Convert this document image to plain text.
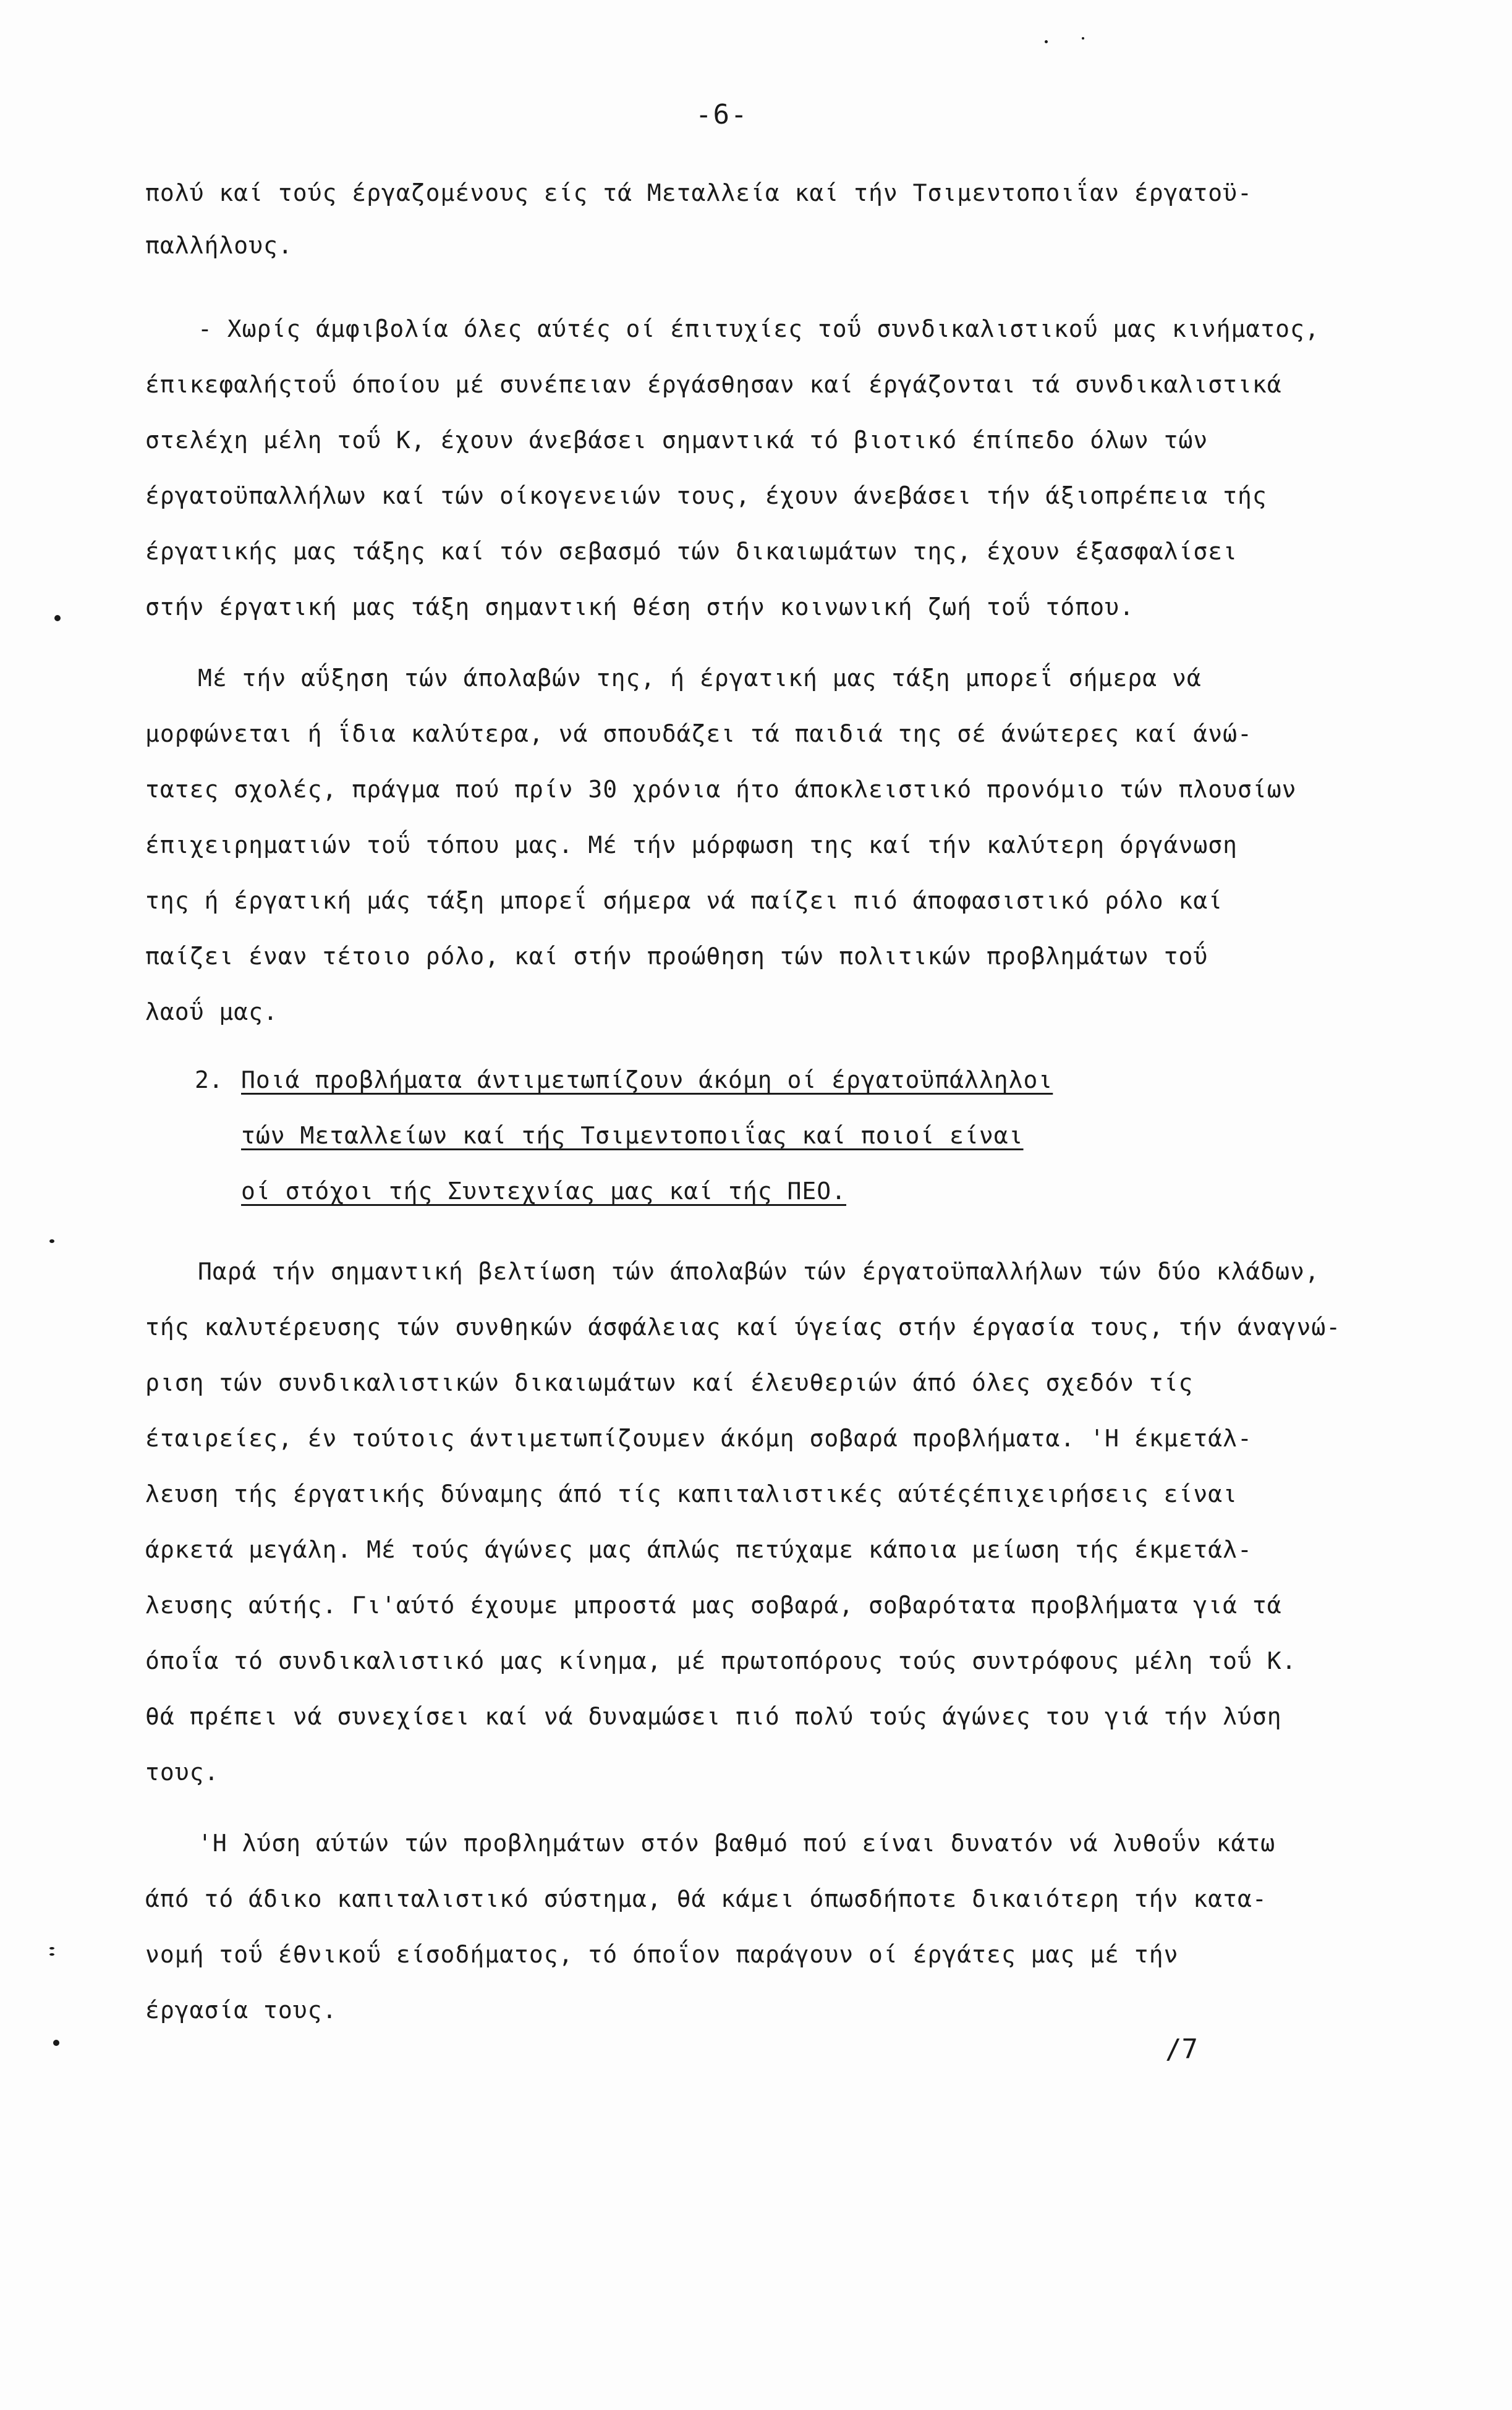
-6-
πολύ καί τούς έργαζομένους είς τά Μεταλλεία καί τήν Τσιμεντοποιΐαν έργατοϋ-
παλλήλους.
- Χωρίς άμφιβολία όλες αύτές οί έπιτυχίες τοΰ συνδικαλιστικοΰ μας κινήματος,
έπικεφαλήςτοΰ όποίου μέ συνέπειαν έργάσθησαν καί έργάζονται τά συνδικαλιστικά
στελέχη μέλη τοΰ Κ, έχουν άνεβάσει σημαντικά τό βιοτικό έπίπεδο όλων τών
έργατοϋπαλλήλων καί τών οίκογενειών τους, έχουν άνεβάσει τήν άξιοπρέπεια τής
έργατικής μας τάξης καί τόν σεβασμό τών δικαιωμάτων της, έχουν έξασφαλίσει
στήν έργατική μας τάξη σημαντική θέση στήν κοινωνική ζωή τοΰ τόπου.
Μέ τήν αΰξηση τών άπολαβών της, ή έργατική μας τάξη μπορεΐ σήμερα νά
μορφώνεται ή ΐδια καλύτερα, νά σπουδάζει τά παιδιά της σέ άνώτερες καί άνώ-
τατες σχολές, πράγμα πού πρίν 30 χρόνια ήτο άποκλειστικό προνόμιο τών πλουσίων
έπιχειρηματιών τοΰ τόπου μας. Μέ τήν μόρφωση της καί τήν καλύτερη όργάνωση
της ή έργατική μάς τάξη μπορεΐ σήμερα νά παίζει πιό άποφασιστικό ρόλο καί
παίζει έναν τέτοιο ρόλο, καί στήν προώθηση τών πολιτικών προβλημάτων τοΰ
λαοΰ μας.
2. Ποιά προβλήματα άντιμετωπίζουν άκόμη οί έργατοϋπάλληλοι
τών Μεταλλείων καί τής Τσιμεντοποιΐας καί ποιοί είναι
οί στόχοι τής Συντεχνίας μας καί τής ΠΕΟ.
Παρά τήν σημαντική βελτίωση τών άπολαβών τών έργατοϋπαλλήλων τών δύο κλάδων,
τής καλυτέρευσης τών συνθηκών άσφάλειας καί ύγείας στήν έργασία τους, τήν άναγνώ-
ριση τών συνδικαλιστικών δικαιωμάτων καί έλευθεριών άπό όλες σχεδόν τίς
έταιρείες, έν τούτοις άντιμετωπίζουμεν άκόμη σοβαρά προβλήματα. 'Η έκμετάλ-
λευση τής έργατικής δύναμης άπό τίς καπιταλιστικές αύτέςέπιχειρήσεις είναι
άρκετά μεγάλη. Μέ τούς άγώνες μας άπλώς πετύχαμε κάποια μείωση τής έκμετάλ-
λευσης αύτής. Γι'αύτό έχουμε μπροστά μας σοβαρά, σοβαρότατα προβλήματα γιά τά
όποΐα τό συνδικαλιστικό μας κίνημα, μέ πρωτοπόρους τούς συντρόφους μέλη τοΰ Κ.
θά πρέπει νά συνεχίσει καί νά δυναμώσει πιό πολύ τούς άγώνες του γιά τήν λύση
τους.
'Η λύση αύτών τών προβλημάτων στόν βαθμό πού είναι δυνατόν νά λυθοΰν κάτω
άπό τό άδικο καπιταλιστικό σύστημα, θά κάμει όπωσδήποτε δικαιότερη τήν κατα-
νομή τοΰ έθνικοΰ είσοδήματος, τό όποΐον παράγουν οί έργάτες μας μέ τήν
έργασία τους.
/7
